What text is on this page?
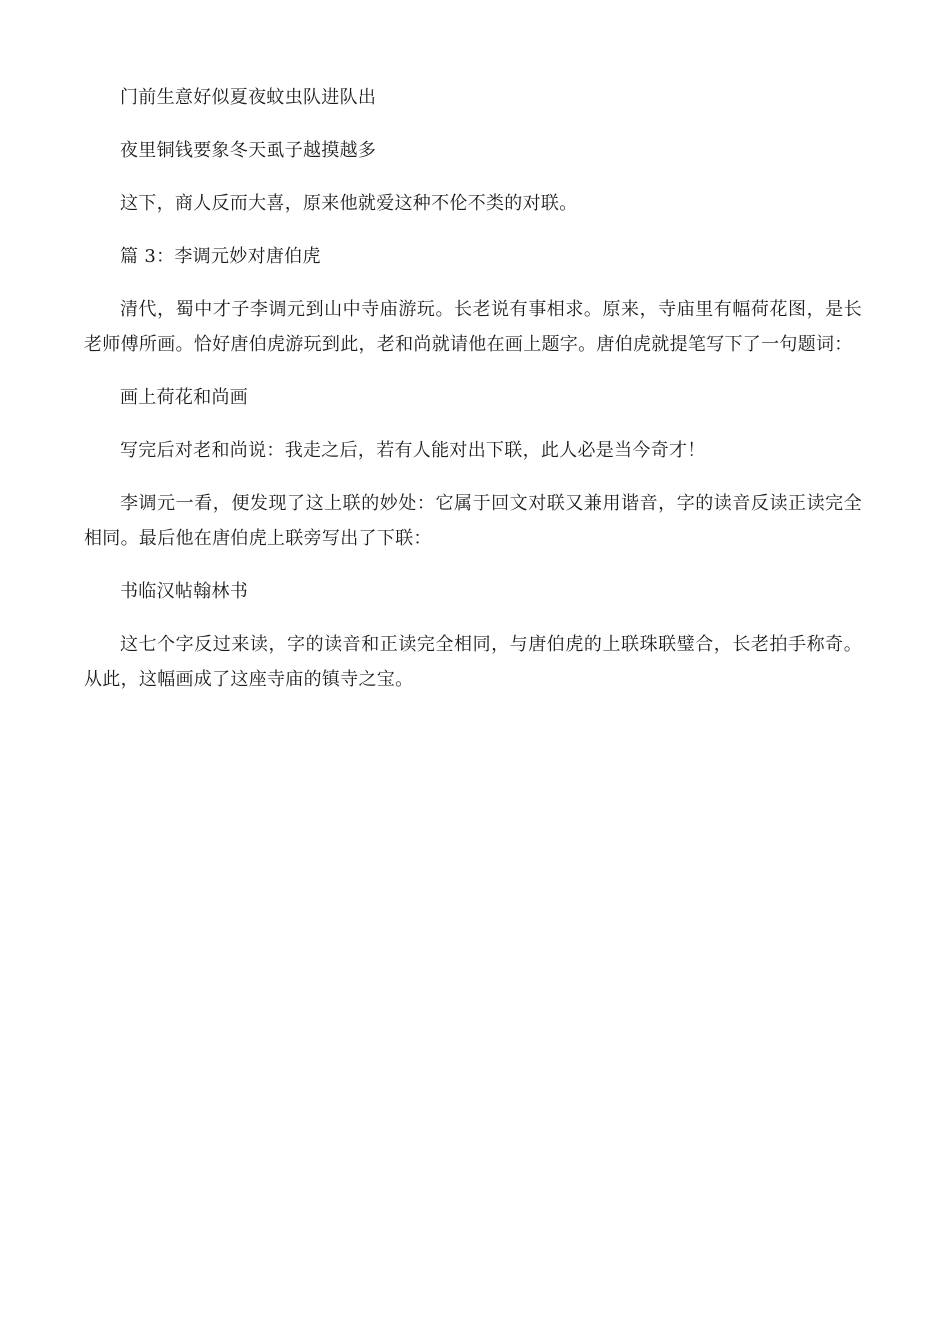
门前生意好似夏夜蚊虫队进队出

夜里铜钱要象冬天虱子越摸越多

这下，商人反而大喜，原来他就爱这种不伦不类的对联。

篇 3：李调元妙对唐伯虎

清代，蜀中才子李调元到山中寺庙游玩。长老说有事相求。原来，寺庙里有幅荷花图，是长老师傅所画。恰好唐伯虎游玩到此，老和尚就请他在画上题字。唐伯虎就提笔写下了一句题词：

画上荷花和尚画

写完后对老和尚说：我走之后，若有人能对出下联，此人必是当今奇才！

李调元一看，便发现了这上联的妙处：它属于回文对联又兼用谐音，字的读音反读正读完全相同。最后他在唐伯虎上联旁写出了下联：

书临汉帖翰林书

这七个字反过来读，字的读音和正读完全相同，与唐伯虎的上联珠联璧合，长老拍手称奇。从此，这幅画成了这座寺庙的镇寺之宝。
